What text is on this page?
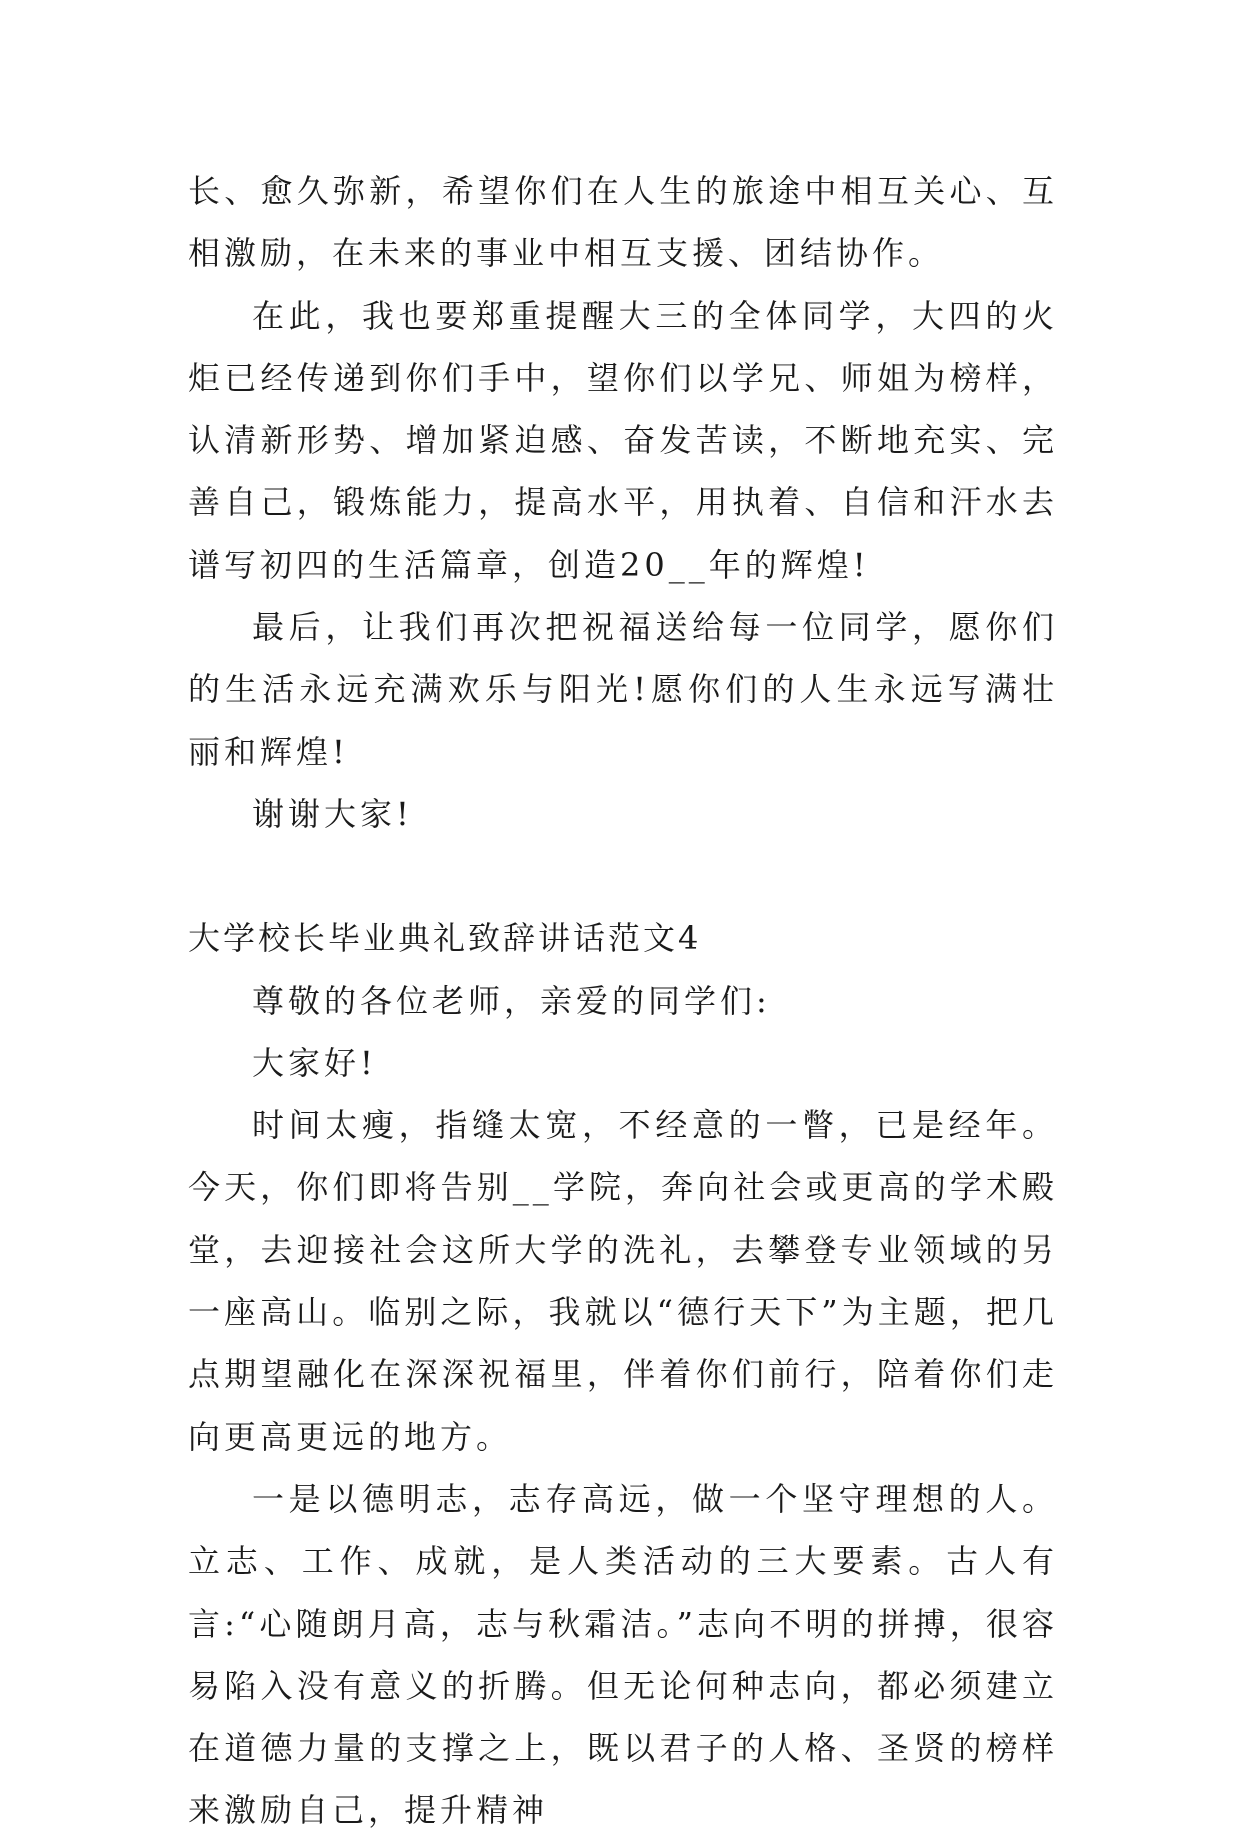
长、愈久弥新，希望你们在人生的旅途中相互关心、互相激励，在未来的事业中相互支援、团结协作。

在此，我也要郑重提醒大三的全体同学，大四的火炬已经传递到你们手中，望你们以学兄、师姐为榜样，认清新形势、增加紧迫感、奋发苦读，不断地充实、完善自己，锻炼能力，提高水平，用执着、自信和汗水去谱写初四的生活篇章，创造20__年的辉煌!

最后，让我们再次把祝福送给每一位同学，愿你们的生活永远充满欢乐与阳光!愿你们的人生永远写满壮丽和辉煌!

谢谢大家!

大学校长毕业典礼致辞讲话范文4

尊敬的各位老师，亲爱的同学们:

大家好!

时间太瘦，指缝太宽，不经意的一瞥，已是经年。今天，你们即将告别__学院，奔向社会或更高的学术殿堂，去迎接社会这所大学的洗礼，去攀登专业领域的另一座高山。临别之际，我就以“德行天下”为主题，把几点期望融化在深深祝福里，伴着你们前行，陪着你们走向更高更远的地方。

一是以德明志，志存高远，做一个坚守理想的人。立志、工作、成就，是人类活动的三大要素。古人有言:“心随朗月高，志与秋霜洁。”志向不明的拼搏，很容易陷入没有意义的折腾。但无论何种志向，都必须建立在道德力量的支撑之上，既以君子的人格、圣贤的榜样来激励自己，提升精神
